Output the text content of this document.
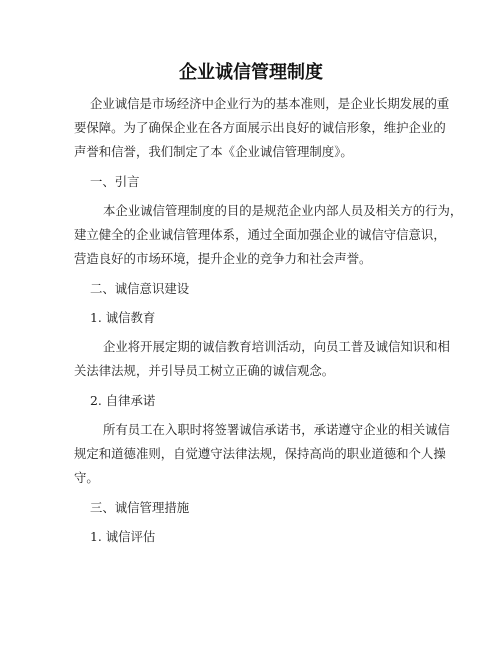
企业诚信管理制度
企业诚信是市场经济中企业行为的基本准则，是企业长期发展的重
要保障。为了确保企业在各方面展示出良好的诚信形象，维护企业的
声誉和信誉，我们制定了本《企业诚信管理制度》。
一、引言
本企业诚信管理制度的目的是规范企业内部人员及相关方的行为，
建立健全的企业诚信管理体系，通过全面加强企业的诚信守信意识，
营造良好的市场环境，提升企业的竞争力和社会声誉。
二、诚信意识建设
1. 诚信教育
企业将开展定期的诚信教育培训活动，向员工普及诚信知识和相
关法律法规，并引导员工树立正确的诚信观念。
2. 自律承诺
所有员工在入职时将签署诚信承诺书，承诺遵守企业的相关诚信
规定和道德准则，自觉遵守法律法规，保持高尚的职业道德和个人操
守。
三、诚信管理措施
1. 诚信评估
